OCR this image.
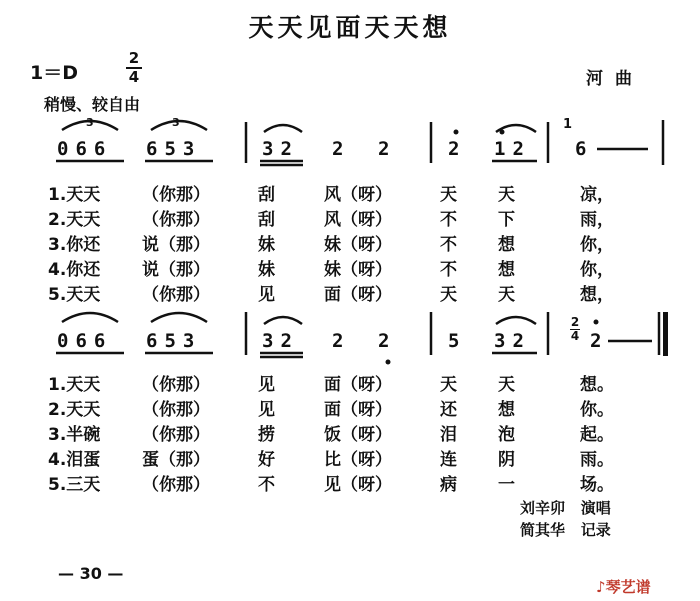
天天见面天天想
1＝D
2
4	河曲
稍慢、较自由
3	3
066 653	32 2 2	2 12
1
6
1.天天 （你那）	刮	风（呀）	天 天	凉，
2.天天 （你那）	刮	风（呀）	不 下	雨，
3.你还 说（那）	妹	妹（呀）	不 想	你，
4.你还 说（那）	妹	妹（呀）	不 想	你，
5.天天 （你那）	见	面（呀）	天 天	想，
066 653	32 2 2	5 32
2
4 2
1.天天 （你那）	见	面（呀）	天 天	想。
2.天天 （你那）	见	面（呀）	还 想	你。
3.半碗 （你那）	捞	饭（呀）	泪 泡	起。
4.泪蛋 蛋（那）	好	比（呀）	连 阴	雨。
5.三天 （你那）	不	见（呀）	病 一	场。
刘辛卯 演唱
简其华 记录
— 30 —
♪琴艺谱
